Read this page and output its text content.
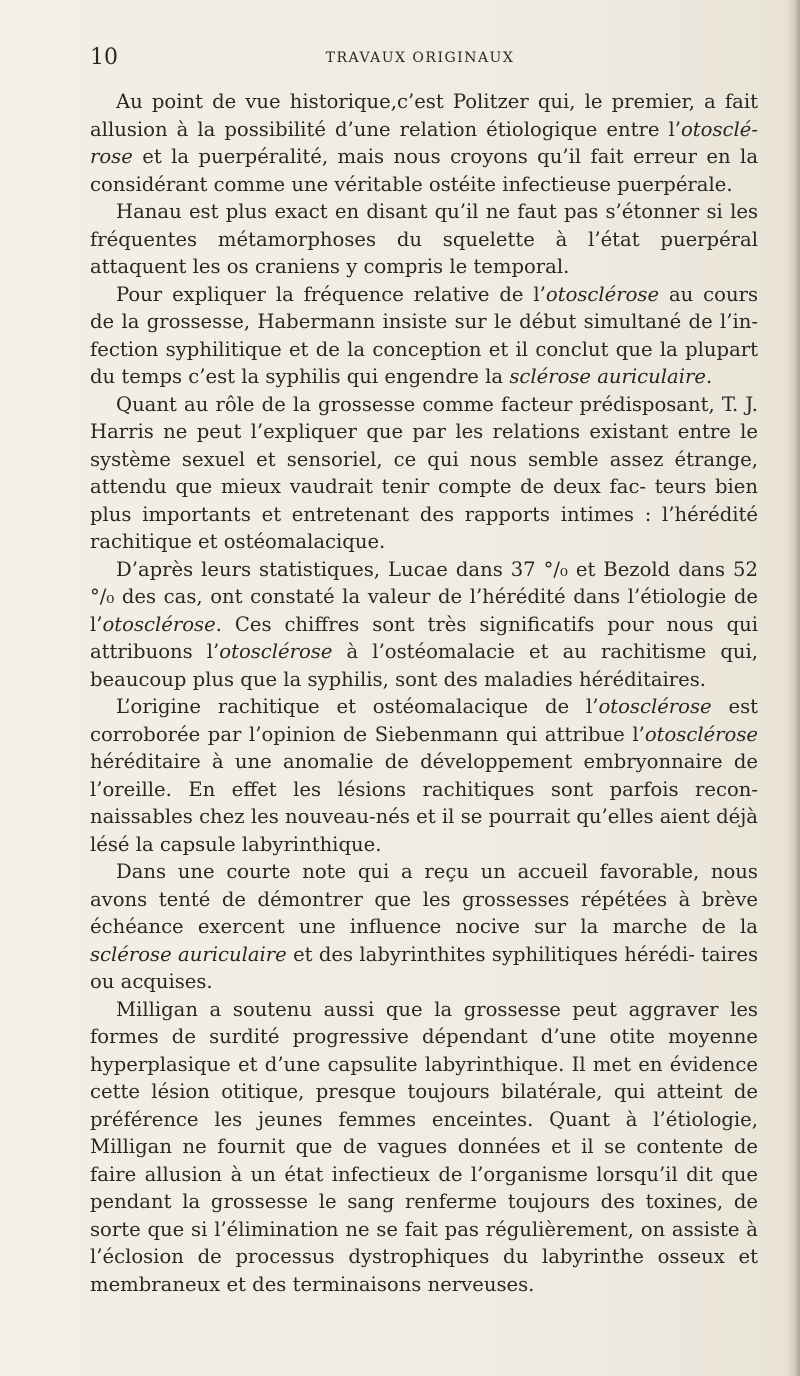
10	TRAVAUX ORIGINAUX

Au point de vue historique,c’est Politzer qui, le premier, a fait allusion à la possibilité d’une relation étiologique entre l’otosclé- rose et la puerpéralité, mais nous croyons qu’il fait erreur en la considérant comme une véritable ostéite infectieuse puerpérale.

Hanau est plus exact en disant qu’il ne faut pas s’étonner si les fréquentes métamorphoses du squelette à l’état puerpéral attaquent les os craniens y compris le temporal.

Pour expliquer la fréquence relative de l’otosclérose au cours de la grossesse, Habermann insiste sur le début simultané de l’in- fection syphilitique et de la conception et il conclut que la plupart du temps c’est la syphilis qui engendre la sclérose auriculaire.

Quant au rôle de la grossesse comme facteur prédisposant, T. J. Harris ne peut l’expliquer que par les relations existant entre le système sexuel et sensoriel, ce qui nous semble assez étrange, attendu que mieux vaudrait tenir compte de deux fac- teurs bien plus importants et entretenant des rapports intimes : l’hérédité rachitique et ostéomalacique.

D’après leurs statistiques, Lucae dans 37 °/₀ et Bezold dans 52 °/₀ des cas, ont constaté la valeur de l’hérédité dans l’étiologie de l’otosclérose. Ces chiffres sont très significatifs pour nous qui attribuons l’otosclérose à l’ostéomalacie et au rachitisme qui, beaucoup plus que la syphilis, sont des maladies héréditaires.

L’origine rachitique et ostéomalacique de l’otosclérose est corroborée par l’opinion de Siebenmann qui attribue l’otosclérose héréditaire à une anomalie de développement embryonnaire de l’oreille. En effet les lésions rachitiques sont parfois recon- naissables chez les nouveau-nés et il se pourrait qu’elles aient déjà lésé la capsule labyrinthique.

Dans une courte note qui a reçu un accueil favorable, nous avons tenté de démontrer que les grossesses répétées à brève échéance exercent une influence nocive sur la marche de la sclérose auriculaire et des labyrinthites syphilitiques hérédi- taires ou acquises.

Milligan a soutenu aussi que la grossesse peut aggraver les formes de surdité progressive dépendant d’une otite moyenne hyperplasique et d’une capsulite labyrinthique. Il met en évidence cette lésion otitique, presque toujours bilatérale, qui atteint de préférence les jeunes femmes enceintes. Quant à l’étiologie, Milligan ne fournit que de vagues données et il se contente de faire allusion à un état infectieux de l’organisme lorsqu’il dit que pendant la grossesse le sang renferme toujours des toxines, de sorte que si l’élimination ne se fait pas régulièrement, on assiste à l’éclosion de processus dystrophiques du labyrinthe osseux et membraneux et des terminaisons nerveuses.
